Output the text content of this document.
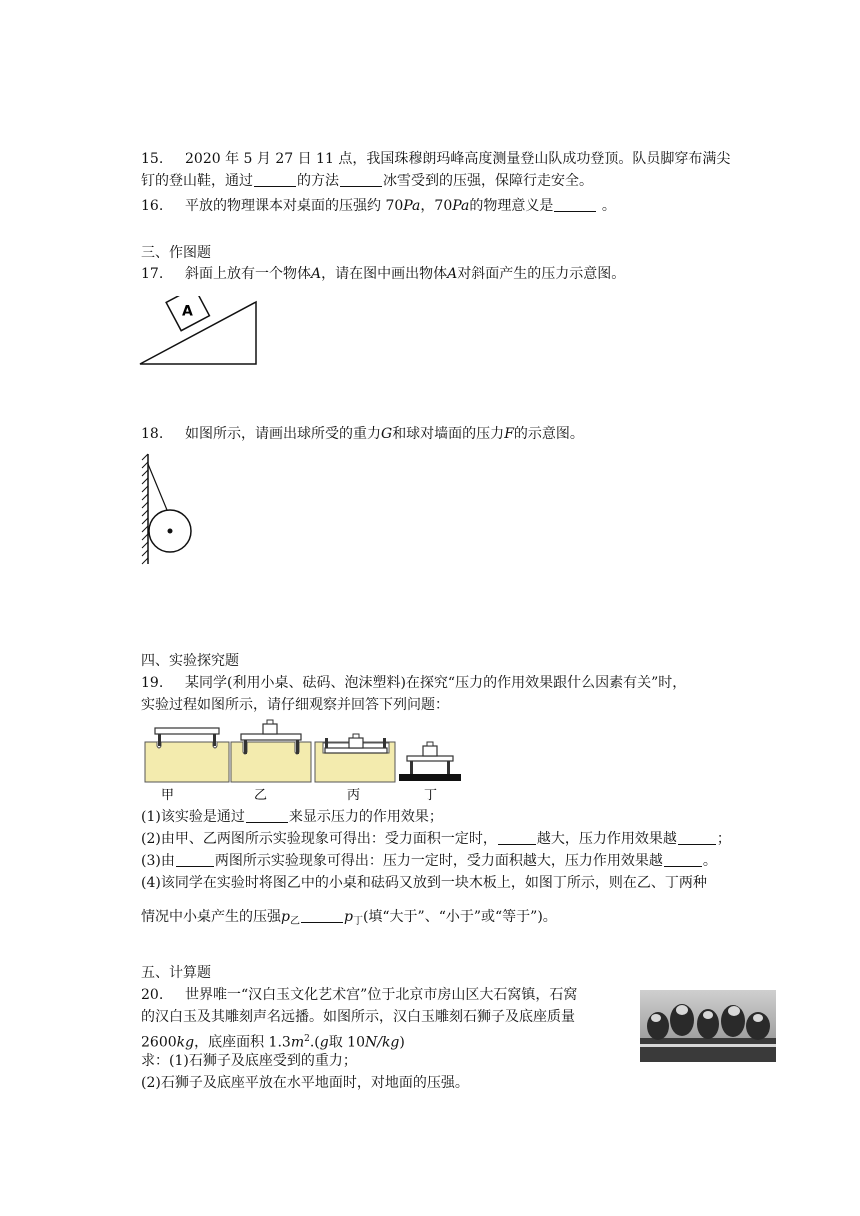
15. 2020 年 5 月 27 日 11 点，我国珠穆朗玛峰高度测量登山队成功登顶。队员脚穿布满尖
钉的登山鞋，通过	的方法	冰雪受到的压强，保障行走安全。
16. 平放的物理课本对桌面的压强约 70Pa，70Pa的物理意义是	。
三、作图题
17. 斜面上放有一个物体A，请在图中画出物体A对斜面产生的压力示意图。
A
18. 如图所示，请画出球所受的重力G和球对墙面的压力F的示意图。
四、实验探究题
19. 某同学(利用小桌、砝码、泡沫塑料)在探究“压力的作用效果跟什么因素有关”时，
实验过程如图所示，请仔细观察并回答下列问题：
甲	乙	丙	丁
(1)该实验是通过	来显示压力的作用效果；
(2)由甲、乙两图所示实验现象可得出：受力面积一定时，	越大，压力作用效果越	；
(3)由	两图所示实验现象可得出：压力一定时，受力面积越大，压力作用效果越	。
(4)该同学在实验时将图乙中的小桌和砝码又放到一块木板上，如图丁所示，则在乙、丁两种
情况中小桌产生的压强$p_乙$	$p_丁$(填“大于”、“小于”或“等于”)。
五、计算题
20. 世界唯一“汉白玉文化艺术宫”位于北京市房山区大石窝镇，石窝
的汉白玉及其雕刻声名远播。如图所示，汉白玉雕刻石狮子及底座质量
2600kg，底座面积 $1.3m^2.(g$取 10N/kg)
求：(1)石狮子及底座受到的重力；
(2)石狮子及底座平放在水平地面时，对地面的压强。
